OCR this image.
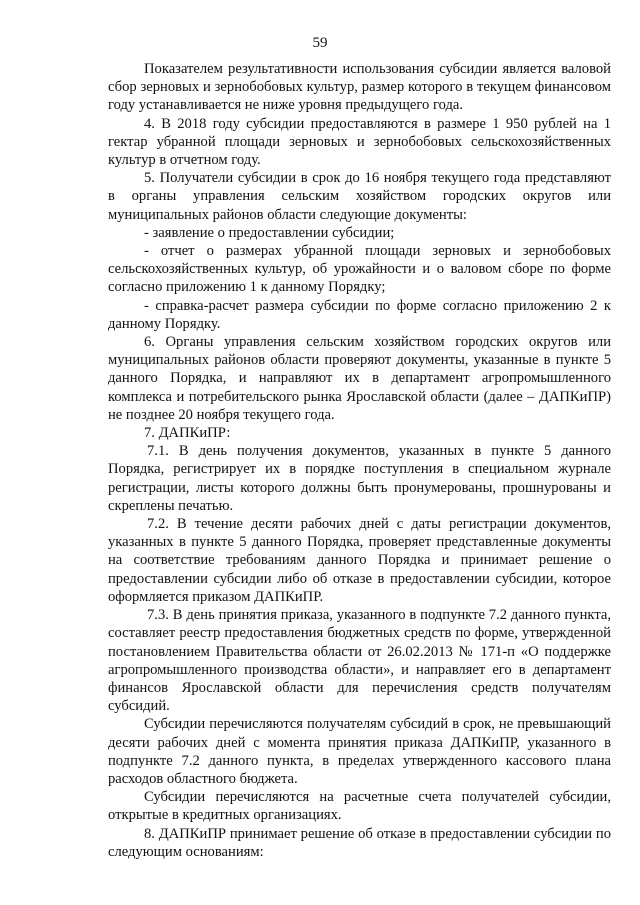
59

Показателем результативности использования субсидии является валовой сбор зерновых и зернобобовых культур, размер которого в текущем финансовом году устанавливается не ниже уровня предыдущего года.

4. В 2018 году субсидии предоставляются в размере 1 950 рублей на 1 гектар убранной площади зерновых и зернобобовых сельскохозяйственных культур в отчетном году.

5. Получатели субсидии в срок до 16 ноября текущего года представляют в органы управления сельским хозяйством городских округов или муниципальных районов области следующие документы:

- заявление о предоставлении субсидии;

- отчет о размерах убранной площади зерновых и зернобобовых сельскохозяйственных культур, об урожайности и о валовом сборе по форме согласно приложению 1 к данному Порядку;

- справка-расчет размера субсидии по форме согласно приложению 2 к данному Порядку.

6. Органы управления сельским хозяйством городских округов или муниципальных районов области проверяют документы, указанные в пункте 5 данного Порядка, и направляют их в департамент агропромышленного комплекса и потребительского рынка Ярославской области (далее – ДАПКиПР) не позднее 20 ноября текущего года.

7. ДАПКиПР:

7.1. В день получения документов, указанных в пункте 5 данного Порядка, регистрирует их в порядке поступления в специальном журнале регистрации, листы которого должны быть пронумерованы, прошнурованы и скреплены печатью.

7.2. В течение десяти рабочих дней с даты регистрации документов, указанных в пункте 5 данного Порядка, проверяет представленные документы на соответствие требованиям данного Порядка и принимает решение о предоставлении субсидии либо об отказе в предоставлении субсидии, которое оформляется приказом ДАПКиПР.

7.3. В день принятия приказа, указанного в подпункте 7.2 данного пункта, составляет реестр предоставления бюджетных средств по форме, утвержденной постановлением Правительства области от 26.02.2013 № 171-п «О поддержке агропромышленного производства области», и направляет его в департамент финансов Ярославской области для перечисления средств получателям субсидий.

Субсидии перечисляются получателям субсидий в срок, не превышающий десяти рабочих дней с момента принятия приказа ДАПКиПР, указанного в подпункте 7.2 данного пункта, в пределах утвержденного кассового плана расходов областного бюджета.

Субсидии перечисляются на расчетные счета получателей субсидии, открытые в кредитных организациях.

8. ДАПКиПР принимает решение об отказе в предоставлении субсидии по следующим основаниям:
